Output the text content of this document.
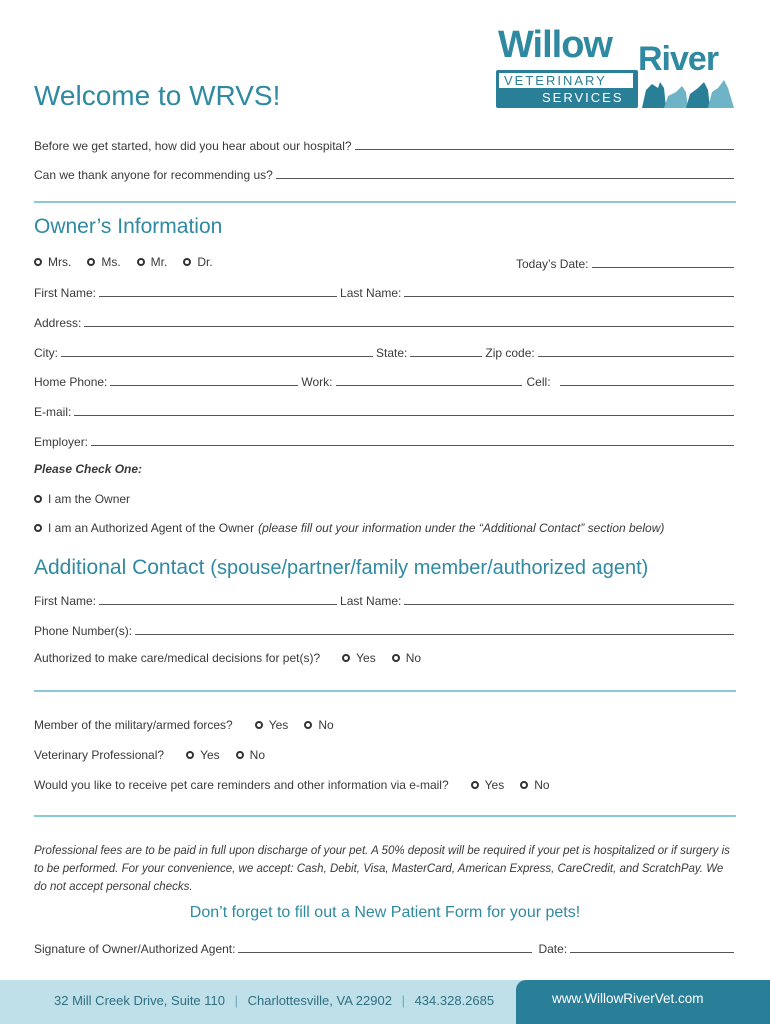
Willow River
VETERINARY
SERVICES
Welcome to WRVS!
Before we get started, how did you hear about our hospital?
Can we thank anyone for recommending us?
Owner’s Information
Mrs.	Ms.	Mr.	Dr.	Today’s Date:
First Name:	Last Name:
Address:
City:	State:	Zip code:
Home Phone:	Work:	Cell:
E-mail:
Employer:
Please Check One:
I am the Owner
I am an Authorized Agent of the Owner (please fill out your information under the “Additional Contact” section below)
Additional Contact (spouse/partner/family member/authorized agent)
First Name:	Last Name:
Phone Number(s):
Authorized to make care/medical decisions for pet(s)?	Yes	No
Member of the military/armed forces?	Yes	No
Veterinary Professional?	Yes	No
Would you like to receive pet care reminders and other information via e-mail?	Yes	No
Professional fees are to be paid in full upon discharge of your pet. A 50% deposit will be required if your pet is hospitalized or if surgery is to be performed. For your convenience, we accept: Cash, Debit, Visa, MasterCard, American Express, CareCredit, and ScratchPay. We do not accept personal checks.
Don’t forget to fill out a New Patient Form for your pets!
Signature of Owner/Authorized Agent:	Date:
32 Mill Creek Drive, Suite 110 | Charlottesville, VA 22902 | 434.328.2685	www.WillowRiverVet.com
